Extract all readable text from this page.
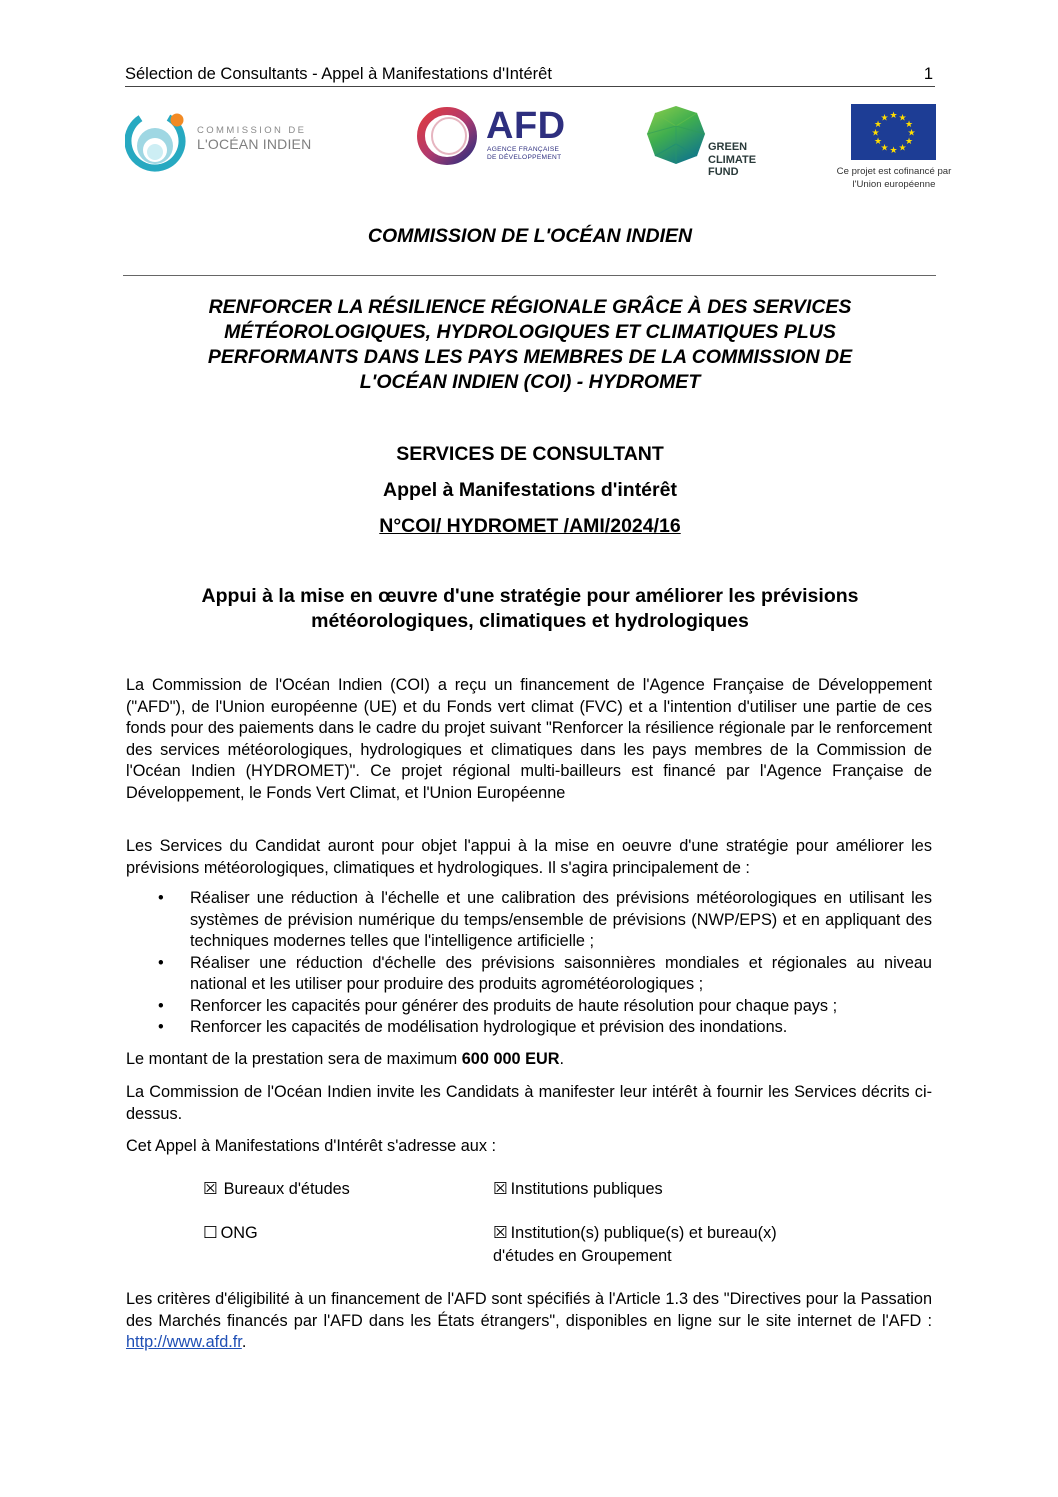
Sélection de Consultants - Appel à Manifestations d'Intérêt	1
COMMISSION DE
L'OCÉAN INDIEN	AFD
AGENCE FRANÇAISE
DE DÉVELOPPEMENT
GREEN
CLIMATE
FUND
★ ★
★
★
★
★
★
★
★
★
★
★
Ce projet est cofinancé par
l'Union européenne
COMMISSION DE L'OCÉAN INDIEN
RENFORCER LA RÉSILIENCE RÉGIONALE GRÂCE À DES SERVICES
MÉTÉOROLOGIQUES, HYDROLOGIQUES ET CLIMATIQUES PLUS
PERFORMANTS DANS LES PAYS MEMBRES DE LA COMMISSION DE
L'OCÉAN INDIEN (COI) - HYDROMET
SERVICES DE CONSULTANT
Appel à Manifestations d'intérêt
N°COI/ HYDROMET /AMI/2024/16
Appui à la mise en œuvre d'une stratégie pour améliorer les prévisions
météorologiques, climatiques et hydrologiques

La Commission de l'Océan Indien (COI) a reçu un financement de l'Agence Française de Développement ("AFD"), de l'Union européenne (UE) et du Fonds vert climat (FVC) et a l'intention d'utiliser une partie de ces fonds pour des paiements dans le cadre du projet suivant "Renforcer la résilience régionale par le renforcement des services météorologiques, hydrologiques et climatiques dans les pays membres de la Commission de l'Océan Indien (HYDROMET)". Ce projet régional multi-bailleurs est financé par l'Agence Française de Développement, le Fonds Vert Climat, et l'Union Européenne

Les Services du Candidat auront pour objet l'appui à la mise en oeuvre d'une stratégie pour améliorer les prévisions météorologiques, climatiques et hydrologiques. Il s'agira principalement de :

• Réaliser une réduction à l'échelle et une calibration des prévisions météorologiques en utilisant les systèmes de prévision numérique du temps/ensemble de prévisions (NWP/EPS) et en appliquant des techniques modernes telles que l'intelligence artificielle ;
• Réaliser une réduction d'échelle des prévisions saisonnières mondiales et régionales au niveau national et les utiliser pour produire des produits agrométéorologiques ;
• Renforcer les capacités pour générer des produits de haute résolution pour chaque pays ;
• Renforcer les capacités de modélisation hydrologique et prévision des inondations.

Le montant de la prestation sera de maximum 600 000 EUR.

La Commission de l'Océan Indien invite les Candidats à manifester leur intérêt à fournir les Services décrits ci-dessus.

Cet Appel à Manifestations d'Intérêt s'adresse aux :

☒ Bureaux d'études	☒ Institutions publiques
☐ ONG	☒ Institution(s) publique(s) et bureau(x) d'études en Groupement

Les critères d'éligibilité à un financement de l'AFD sont spécifiés à l'Article 1.3 des "Directives pour la Passation des Marchés financés par l'AFD dans les États étrangers", disponibles en ligne sur le site internet de l'AFD : http://www.afd.fr.
